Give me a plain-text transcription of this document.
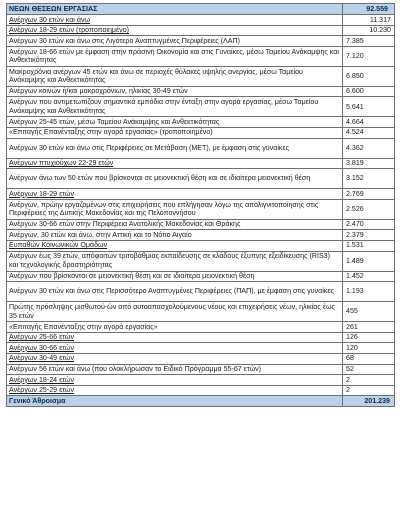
ΝΕΩΝ ΘΕΣΕΩΝ ΕΡΓΑΣΙΑΣ	92.559
Ανέργων 30 ετών και άνω	11.317
Ανέργων 18-29 ετών (τροποποιημένο)	10.230
Ανέργων 30 ετών και άνω στις Λιγότερο Αναπτυγμένες Περιφέρειες (ΛΑΠ)	7.385
Ανέργων 18-66 ετών με έμφαση στην πράσινη Οικονομία και στις Γυναίκες, μέσω Ταμείου Ανάκαμψης και Ανθεκτικότητας	7.120
Μακροχρόνια ανέργων 45 ετών και άνω σε περιοχές θύλακες υψηλής ανεργίας, μέσω Ταμείου Ανάκαμψης και Ανθεκτικότητας	6.850
Ανέργων κοινών ή/και μακροχρόνιων, ηλικίας 30-49 ετών	6.600
Ανέργων που αντιμετωπίζουν σημαντικά εμπόδια στην ένταξη στην αγορά εργασίας, μέσω Ταμείου Ανάκαμψης και Ανθεκτικότητας	5.641
Ανέργων 25-45 ετών, μέσω Ταμείου Ανάκαμψης και Ανθεκτικότητας	4.664
«Επιταγής Επανένταξης στην αγορά εργασίας» (τροποποιημένο)	4.524
Ανέργων 30 ετών και άνω στις Περιφέρειες σε Μετάβαση (ΜΕΤ), με έμφαση στις γυναίκες	4.362
Ανέργων πτυχιούχων 22-29 ετών	3.819
Ανέργων άνω των 50 ετών που βρίσκονται σε μειονεκτική θέση και σε ιδιαίτερα μειονεκτική θέση	3.152
Ανέργων 18-29 ετών	2.769
Ανέργων, πρώην εργαζομένων στις επιχειρήσεις που επλήγησαν λόγω της απολιγνιτοποίησης στις Περιφέρειες της Δυτικής Μακεδονίας και της Πελοποννήσου	2.526
Ανέργων 30-66 ετών στην Περιφέρεια Ανατολικής Μακεδονίας και Θράκης	2.470
Ανέργων, 30 ετών και άνω, στην Αττική και το Νότιο Αιγαίο	2.379
Ευπαθών Κοινωνικών Ομάδων	1.531
Ανέργων έως 39 ετών, απόφοιτων τριτοβάθμιας εκπαίδευσης σε κλάδους έξυπνης εξειδίκευσης (RIS3) και τεχνολογικής δραστηριότητας	1.489
Ανέργων που βρίσκονται σε μειονεκτική θέση και σε ιδιαίτερα μειονεκτική θέση	1.452
Ανέργων 30 ετών και άνω στις Περισσότερο Αναπτυγμένες Περιφέρειες (ΠΑΠ), με έμφαση στις γυναίκες	1.193
Πρώτης πρόσληψης μισθωτού-ών από αυτοαπασχολούμενους νέους και επιχειρήσεις νέων, ηλικίας έως 35 ετών	455
«Επιταγής Επανένταξης στην αγορά εργασίας»	261
Ανέργων 25-66 ετών	126
Ανέργων 30-66 ετών	120
Ανέργων 30-49 ετών	68
Ανέργων 56 ετών και άνω (που ολοκλήρωσαν το Ειδικό Πρόγραμμα 55-67 ετών)	52
Ανέργων 18-24 ετών	2
Ανέργων 25-29 ετών	2
Γενικό Άθροισμα	201.239
